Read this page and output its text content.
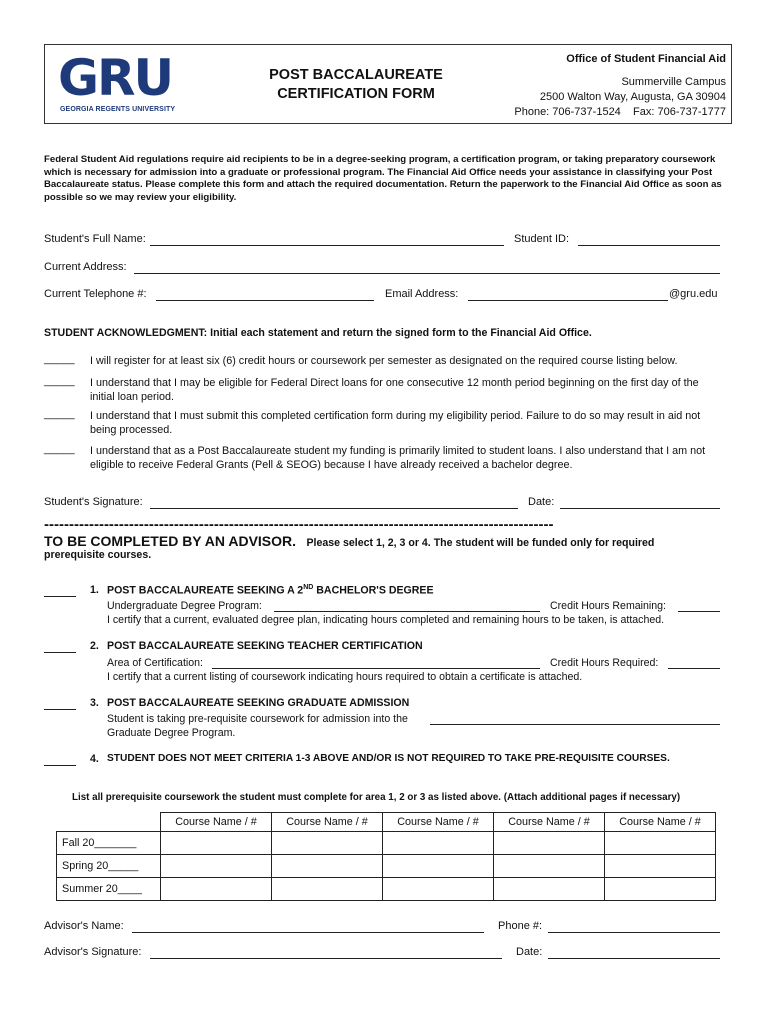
GRU
GEORGIA REGENTS UNIVERSITY
POST BACCALAUREATE
CERTIFICATION FORM
Office of Student Financial Aid
Summerville Campus
2500 Walton Way, Augusta, GA 30904
Phone: 706-737-1524 Fax: 706-737-1777
Federal Student Aid regulations require aid recipients to be in a degree-seeking program, a certification program, or taking preparatory coursework which is necessary for admission into a graduate or professional program. The Financial Aid Office needs your assistance in classifying your Post Baccalaureate status. Please complete this form and attach the required documentation. Return the paperwork to the Financial Aid Office as soon as possible so we may review your eligibility.
Student's Full Name:	Student ID:
Current Address:
Current Telephone #:	Email Address:	@gru.edu
STUDENT ACKNOWLEDGMENT: Initial each statement and return the signed form to the Financial Aid Office.
_____ I will register for at least six (6) credit hours or coursework per semester as designated on the required course listing below.
_____ I understand that I may be eligible for Federal Direct loans for one consecutive 12 month period beginning on the first day of the initial loan period.
_____ I understand that I must submit this completed certification form during my eligibility period. Failure to do so may result in aid not being processed.
_____ I understand that as a Post Baccalaureate student my funding is primarily limited to student loans. I also understand that I am not eligible to receive Federal Grants (Pell & SEOG) because I have already received a bachelor degree.
Student's Signature:	Date:
------------------------------------------------------------------------------------------------------
TO BE COMPLETED BY AN ADVISOR. Please select 1, 2, 3 or 4. The student will be funded only for required
prerequisite courses.
1. POST BACCALAUREATE SEEKING A 2ND BACHELOR'S DEGREE
Undergraduate Degree Program:	Credit Hours Remaining:
I certify that a current, evaluated degree plan, indicating hours completed and remaining hours to be taken, is attached.
2. POST BACCALAUREATE SEEKING TEACHER CERTIFICATION
Area of Certification:	Credit Hours Required:
I certify that a current listing of coursework indicating hours required to obtain a certificate is attached.
3. POST BACCALAUREATE SEEKING GRADUATE ADMISSION
Student is taking pre-requisite coursework for admission into the
Graduate Degree Program.
4. STUDENT DOES NOT MEET CRITERIA 1-3 ABOVE AND/OR IS NOT REQUIRED TO TAKE PRE-REQUISITE COURSES.
List all prerequisite coursework the student must complete for area 1, 2 or 3 as listed above. (Attach additional pages if necessary)
	Course Name / #	Course Name / #	Course Name / #	Course Name / #	Course Name / #
Fall 20_______					
Spring 20_____					
Summer 20____					
Advisor's Name:	Phone #:
Advisor's Signature:	Date:
